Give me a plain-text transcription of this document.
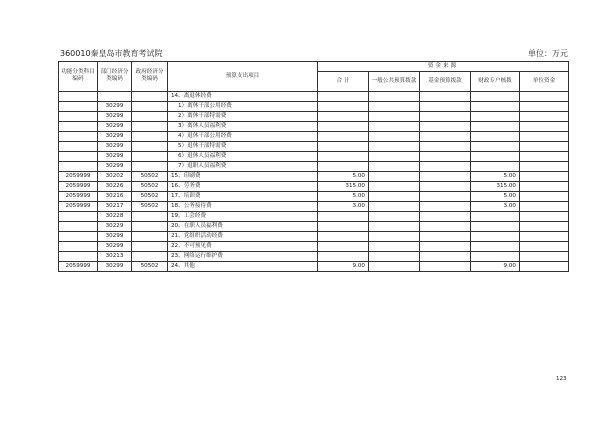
360010秦皇岛市教育考试院	单位：万元
功能分类科目编码	部门经济分类编码	政府经济分类编码	预算支出项目	资金来源				
				合 计	一般公共预算拨款	基金预算拨款	财政专户核拨	单位资金
			14、离退休经费					
	30299		1）离休干部公用经费					
	30299		2）离休干部特需费					
	30299		3）离休人员福利费					
	30299		4）退休干部公用经费					
	30299		5）退休干部特需费					
	30299		6）退休人员福利费					
	30299		7）退职人员福利费					
2059999	30202	50502	15、印刷费	5.00			5.00	
2059999	30226	50502	16、劳务费	315.00			315.00	
2059999	30216	50502	17、培训费	5.00			5.00	
2059999	30217	50502	18、公务接待费	3.00			3.00	
	30228		19、工会经费					
	30229		20、在职人员福利费					
	30299		21、党组织活动经费					
	30299		22、不可预见费					
	30213		23、网络运行维护费					
2059999	30299	50502	24、其他	9.00			9.00	
123
